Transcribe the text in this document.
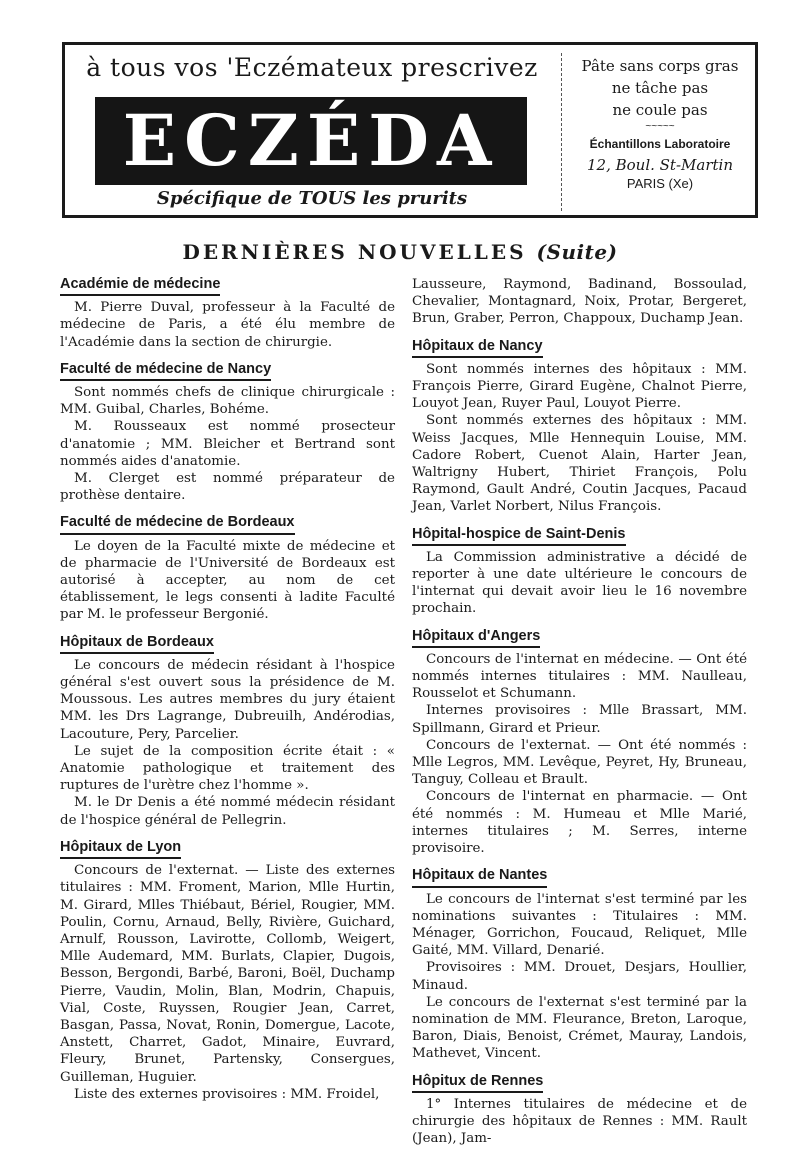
à tous vos 'Eczémateux prescrivez
ECZÉDA
Spécifique de TOUS les prurits
Pâte sans corps gras
ne tâche pas
ne coule pas
~~~~~
Échantillons Laboratoire
12, Boul. St-Martin
PARIS (Xe)
DERNIÈRES NOUVELLES (Suite)
Académie de médecine

M. Pierre Duval, professeur à la Faculté de médecine de Paris, a été élu membre de l'Académie dans la section de chirurgie.

Faculté de médecine de Nancy

Sont nommés chefs de clinique chirurgicale : MM. Guibal, Charles, Bohéme.

M. Rousseaux est nommé prosecteur d'anatomie ; MM. Bleicher et Bertrand sont nommés aides d'anatomie.

M. Clerget est nommé préparateur de prothèse dentaire.

Faculté de médecine de Bordeaux

Le doyen de la Faculté mixte de médecine et de pharmacie de l'Université de Bordeaux est autorisé à accepter, au nom de cet établissement, le legs consenti à ladite Faculté par M. le professeur Bergonié.

Hôpitaux de Bordeaux

Le concours de médecin résidant à l'hospice général s'est ouvert sous la présidence de M. Moussous. Les autres membres du jury étaient MM. les Drs Lagrange, Dubreuilh, Andérodias, Lacouture, Pery, Parcelier.

Le sujet de la composition écrite était : « Anatomie pathologique et traitement des ruptures de l'urètre chez l'homme ».

M. le Dr Denis a été nommé médecin résidant de l'hospice général de Pellegrin.

Hôpitaux de Lyon

Concours de l'externat. — Liste des externes titulaires : MM. Froment, Marion, Mlle Hurtin, M. Girard, Mlles Thiébaut, Bériel, Rougier, MM. Poulin, Cornu, Arnaud, Belly, Rivière, Guichard, Arnulf, Rousson, Lavirotte, Collomb, Weigert, Mlle Audemard, MM. Burlats, Clapier, Dugois, Besson, Bergondi, Barbé, Baroni, Boël, Duchamp Pierre, Vaudin, Molin, Blan, Modrin, Chapuis, Vial, Coste, Ruyssen, Rougier Jean, Carret, Basgan, Passa, Novat, Ronin, Domergue, Lacote, Anstett, Charret, Gadot, Minaire, Euvrard, Fleury, Brunet, Partensky, Consergues, Guilleman, Huguier.

Liste des externes provisoires : MM. Froidel,

Lausseure, Raymond, Badinand, Bossoulad, Chevalier, Montagnard, Noix, Protar, Bergeret, Brun, Graber, Perron, Chappoux, Duchamp Jean.

Hôpitaux de Nancy

Sont nommés internes des hôpitaux : MM. François Pierre, Girard Eugène, Chalnot Pierre, Louyot Jean, Ruyer Paul, Louyot Pierre.

Sont nommés externes des hôpitaux : MM. Weiss Jacques, Mlle Hennequin Louise, MM. Cadore Robert, Cuenot Alain, Harter Jean, Waltrigny Hubert, Thiriet François, Polu Raymond, Gault André, Coutin Jacques, Pacaud Jean, Varlet Norbert, Nilus François.

Hôpital-hospice de Saint-Denis

La Commission administrative a décidé de reporter à une date ultérieure le concours de l'internat qui devait avoir lieu le 16 novembre prochain.

Hôpitaux d'Angers

Concours de l'internat en médecine. — Ont été nommés internes titulaires : MM. Naulleau, Rousselot et Schumann.

Internes provisoires : Mlle Brassart, MM. Spillmann, Girard et Prieur.

Concours de l'externat. — Ont été nommés : Mlle Legros, MM. Levêque, Peyret, Hy, Bruneau, Tanguy, Colleau et Brault.

Concours de l'internat en pharmacie. — Ont été nommés : M. Humeau et Mlle Marié, internes titulaires ; M. Serres, interne provisoire.

Hôpitaux de Nantes

Le concours de l'internat s'est terminé par les nominations suivantes : Titulaires : MM. Ménager, Gorrichon, Foucaud, Reliquet, Mlle Gaité, MM. Villard, Denarié.

Provisoires : MM. Drouet, Desjars, Houllier, Minaud.

Le concours de l'externat s'est terminé par la nomination de MM. Fleurance, Breton, Laroque, Baron, Diais, Benoist, Crémet, Mauray, Landois, Mathevet, Vincent.

Hôpitux de Rennes

1° Internes titulaires de médecine et de chirurgie des hôpitaux de Rennes : MM. Rault (Jean), Jam-
